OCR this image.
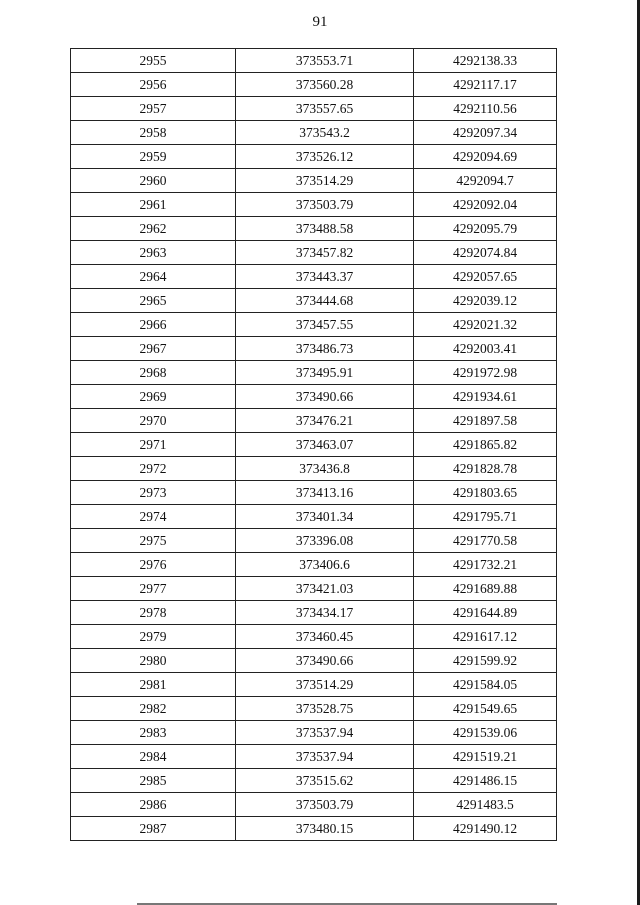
91
2955	373553.71	4292138.33
2956	373560.28	4292117.17
2957	373557.65	4292110.56
2958	373543.2	4292097.34
2959	373526.12	4292094.69
2960	373514.29	4292094.7
2961	373503.79	4292092.04
2962	373488.58	4292095.79
2963	373457.82	4292074.84
2964	373443.37	4292057.65
2965	373444.68	4292039.12
2966	373457.55	4292021.32
2967	373486.73	4292003.41
2968	373495.91	4291972.98
2969	373490.66	4291934.61
2970	373476.21	4291897.58
2971	373463.07	4291865.82
2972	373436.8	4291828.78
2973	373413.16	4291803.65
2974	373401.34	4291795.71
2975	373396.08	4291770.58
2976	373406.6	4291732.21
2977	373421.03	4291689.88
2978	373434.17	4291644.89
2979	373460.45	4291617.12
2980	373490.66	4291599.92
2981	373514.29	4291584.05
2982	373528.75	4291549.65
2983	373537.94	4291539.06
2984	373537.94	4291519.21
2985	373515.62	4291486.15
2986	373503.79	4291483.5
2987	373480.15	4291490.12
